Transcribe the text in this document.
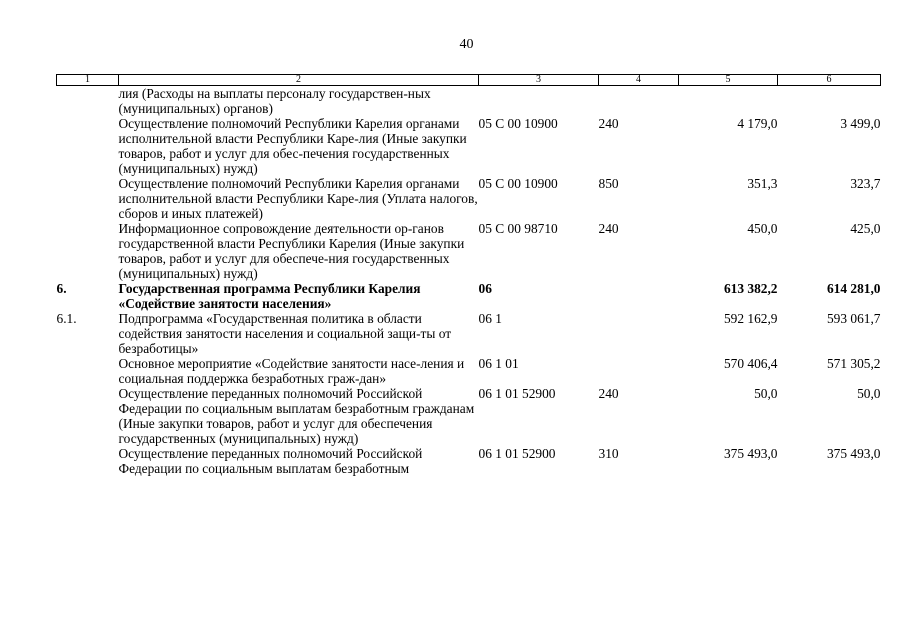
40
1	2	3	4	5	6
	лия (Расходы на выплаты персоналу государствен-ных (муниципальных) органов)				
	Осуществление полномочий Республики Карелия органами исполнительной власти Республики Каре-лия (Иные закупки товаров, работ и услуг для обес-печения государственных (муниципальных) нужд)	05 С 00 10900	240	4 179,0	3 499,0
	Осуществление полномочий Республики Карелия органами исполнительной власти Республики Каре-лия (Уплата налогов, сборов и иных платежей)	05 С 00 10900	850	351,3	323,7
	Информационное сопровождение деятельности ор-ганов государственной власти Республики Карелия (Иные закупки товаров, работ и услуг для обеспече-ния государственных (муниципальных) нужд)	05 С 00 98710	240	450,0	425,0
6.	Государственная программа Республики Карелия «Содействие занятости населения»	06		613 382,2	614 281,0
6.1.	Подпрограмма «Государственная политика в области содействия занятости населения и социальной защи-ты от безработицы»	06 1		592 162,9	593 061,7
	Основное мероприятие «Содействие занятости насе-ления и социальная поддержка безработных граж-дан»	06 1 01		570 406,4	571 305,2
	Осуществление переданных полномочий Российской Федерации по социальным выплатам безработным гражданам (Иные закупки товаров, работ и услуг для обеспечения государственных (муниципальных) нужд)	06 1 01 52900	240	50,0	50,0
	Осуществление переданных полномочий Российской Федерации по социальным выплатам безработным	06 1 01 52900	310	375 493,0	375 493,0
